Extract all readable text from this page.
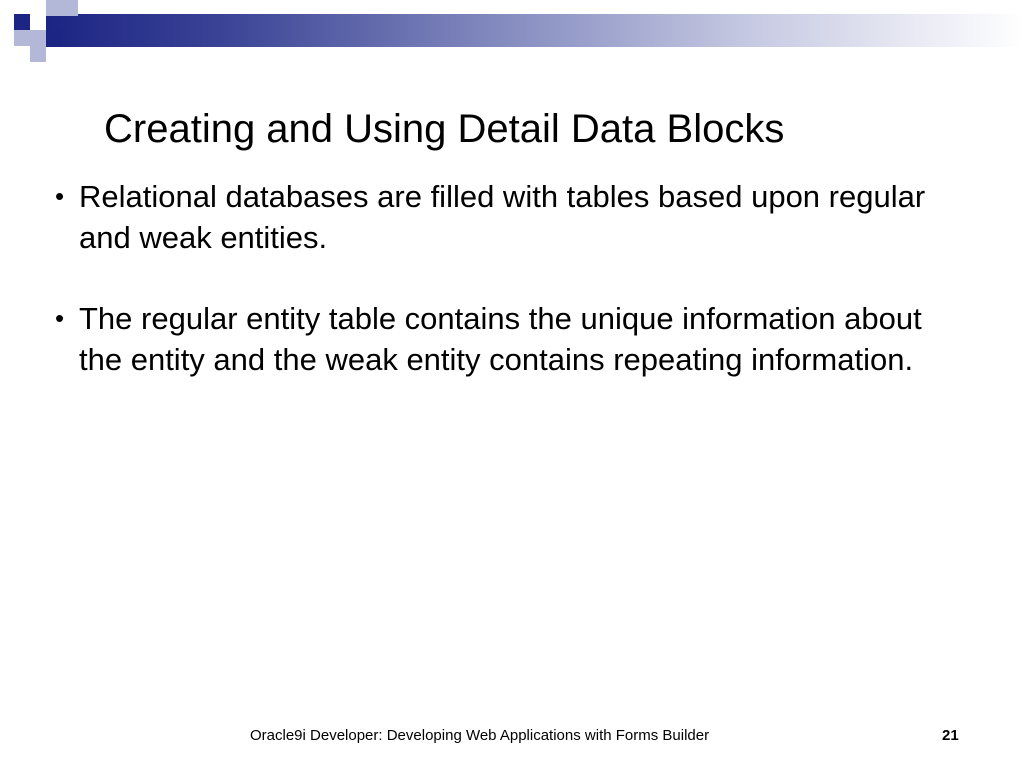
Creating and Using Detail Data Blocks
• Relational databases are filled with tables based upon regular and weak entities.
• The regular entity table contains the unique information about the entity and the weak entity contains repeating information.
Oracle9i Developer: Developing Web Applications with Forms Builder	21
